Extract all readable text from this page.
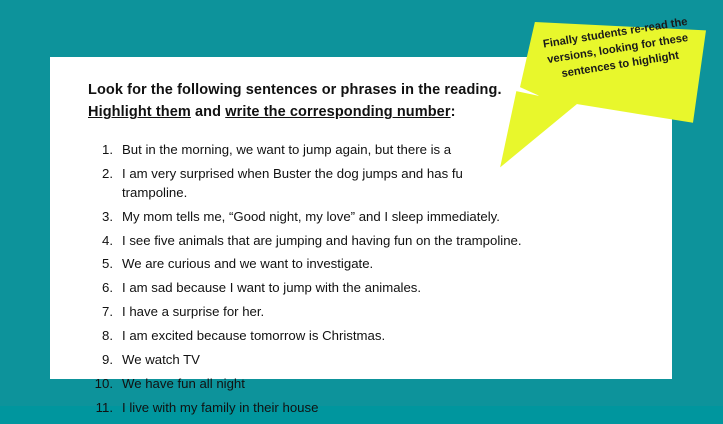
Look for the following sentences or phrases in the reading.
Highlight them and write the corresponding number:
1. But in the morning, we want to jump again, but there is a
2. I am very surprised when Buster the dog jumps and has fu
trampoline.
3. My mom tells me, “Good night, my love” and I sleep immediately.
4. I see five animals that are jumping and having fun on the trampoline.
5. We are curious and we want to investigate.
6. I am sad because I want to jump with the animales.
7. I have a surprise for her.
8. I am excited because tomorrow is Christmas.
9. We watch TV
10. We have fun all night
11. I live with my family in their house
Finally students re-read the versions, looking for these sentences to highlight
